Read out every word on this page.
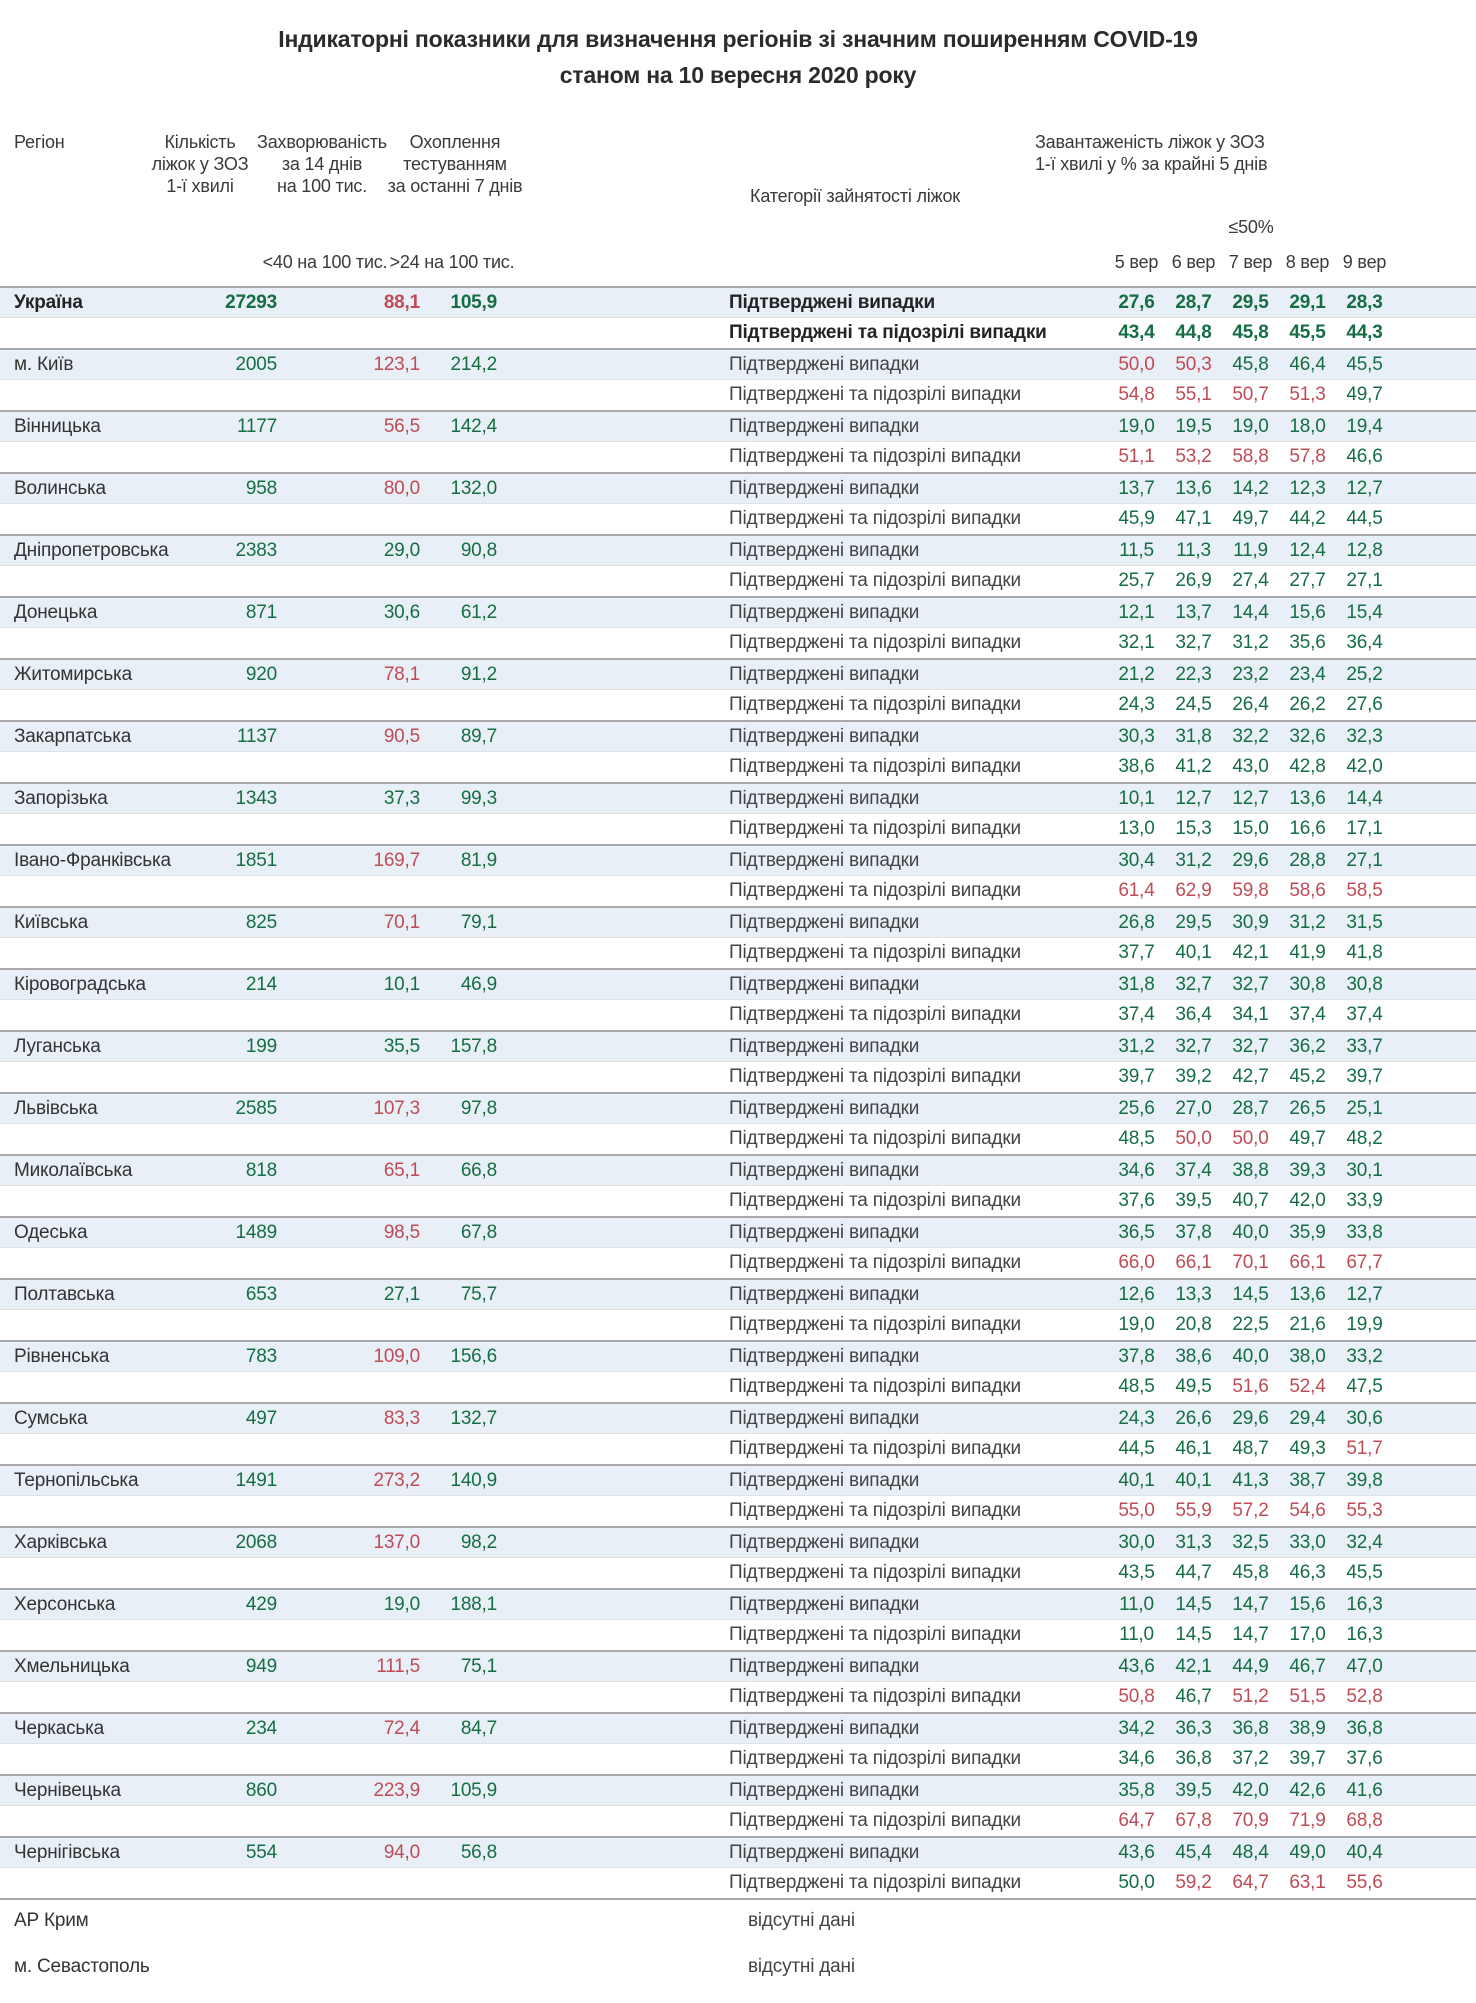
Індикаторні показники для визначення регіонів зі значним поширенням COVID-19
станом на 10 вересня 2020 року
Регіон	Кількість
ліжок у ЗОЗ
1-ї хвилі
Захворюваність
за 14 днів
на 100 тис.
Охоплення
тестуванням
за останні 7 днів	Категорії зайнятості ліжок
Завантаженість ліжок у ЗОЗ
1-ї хвилі у % за крайні 5 днів
≤50%
<40 на 100 тис. >24 на 100 тис.	5 вер 6 вер 7 вер 8 вер 9 вер
Україна	27293	88,1	105,9	Підтверджені випадки	27,6	28,7	29,5	29,1	28,3
Підтверджені та підозрілі випадки	43,4	44,8	45,8	45,5	44,3
м. Київ	2005	123,1	214,2	Підтверджені випадки	50,0	50,3	45,8	46,4	45,5
Підтверджені та підозрілі випадки	54,8	55,1	50,7	51,3	49,7
Вінницька	1177	56,5	142,4	Підтверджені випадки	19,0	19,5	19,0	18,0	19,4
Підтверджені та підозрілі випадки	51,1	53,2	58,8	57,8	46,6
Волинська	958	80,0	132,0	Підтверджені випадки	13,7	13,6	14,2	12,3	12,7
Підтверджені та підозрілі випадки	45,9	47,1	49,7	44,2	44,5
Дніпропетровська	2383	29,0	90,8	Підтверджені випадки	11,5	11,3	11,9	12,4	12,8
Підтверджені та підозрілі випадки	25,7	26,9	27,4	27,7	27,1
Донецька	871	30,6	61,2	Підтверджені випадки	12,1	13,7	14,4	15,6	15,4
Підтверджені та підозрілі випадки	32,1	32,7	31,2	35,6	36,4
Житомирська	920	78,1	91,2	Підтверджені випадки	21,2	22,3	23,2	23,4	25,2
Підтверджені та підозрілі випадки	24,3	24,5	26,4	26,2	27,6
Закарпатська	1137	90,5	89,7	Підтверджені випадки	30,3	31,8	32,2	32,6	32,3
Підтверджені та підозрілі випадки	38,6	41,2	43,0	42,8	42,0
Запорізька	1343	37,3	99,3	Підтверджені випадки	10,1	12,7	12,7	13,6	14,4
Підтверджені та підозрілі випадки	13,0	15,3	15,0	16,6	17,1
Івано-Франківська	1851	169,7	81,9	Підтверджені випадки	30,4	31,2	29,6	28,8	27,1
Підтверджені та підозрілі випадки	61,4	62,9	59,8	58,6	58,5
Київська	825	70,1	79,1	Підтверджені випадки	26,8	29,5	30,9	31,2	31,5
Підтверджені та підозрілі випадки	37,7	40,1	42,1	41,9	41,8
Кіровоградська	214	10,1	46,9	Підтверджені випадки	31,8	32,7	32,7	30,8	30,8
Підтверджені та підозрілі випадки	37,4	36,4	34,1	37,4	37,4
Луганська	199	35,5	157,8	Підтверджені випадки	31,2	32,7	32,7	36,2	33,7
Підтверджені та підозрілі випадки	39,7	39,2	42,7	45,2	39,7
Львівська	2585	107,3	97,8	Підтверджені випадки	25,6	27,0	28,7	26,5	25,1
Підтверджені та підозрілі випадки	48,5	50,0	50,0	49,7	48,2
Миколаївська	818	65,1	66,8	Підтверджені випадки	34,6	37,4	38,8	39,3	30,1
Підтверджені та підозрілі випадки	37,6	39,5	40,7	42,0	33,9
Одеська	1489	98,5	67,8	Підтверджені випадки	36,5	37,8	40,0	35,9	33,8
Підтверджені та підозрілі випадки	66,0	66,1	70,1	66,1	67,7
Полтавська	653	27,1	75,7	Підтверджені випадки	12,6	13,3	14,5	13,6	12,7
Підтверджені та підозрілі випадки	19,0	20,8	22,5	21,6	19,9
Рівненська	783	109,0	156,6	Підтверджені випадки	37,8	38,6	40,0	38,0	33,2
Підтверджені та підозрілі випадки	48,5	49,5	51,6	52,4	47,5
Сумська	497	83,3	132,7	Підтверджені випадки	24,3	26,6	29,6	29,4	30,6
Підтверджені та підозрілі випадки	44,5	46,1	48,7	49,3	51,7
Тернопільська	1491	273,2	140,9	Підтверджені випадки	40,1	40,1	41,3	38,7	39,8
Підтверджені та підозрілі випадки	55,0	55,9	57,2	54,6	55,3
Харківська	2068	137,0	98,2	Підтверджені випадки	30,0	31,3	32,5	33,0	32,4
Підтверджені та підозрілі випадки	43,5	44,7	45,8	46,3	45,5
Херсонська	429	19,0	188,1	Підтверджені випадки	11,0	14,5	14,7	15,6	16,3
Підтверджені та підозрілі випадки	11,0	14,5	14,7	17,0	16,3
Хмельницька	949	111,5	75,1	Підтверджені випадки	43,6	42,1	44,9	46,7	47,0
Підтверджені та підозрілі випадки	50,8	46,7	51,2	51,5	52,8
Черкаська	234	72,4	84,7	Підтверджені випадки	34,2	36,3	36,8	38,9	36,8
Підтверджені та підозрілі випадки	34,6	36,8	37,2	39,7	37,6
Чернівецька	860	223,9	105,9	Підтверджені випадки	35,8	39,5	42,0	42,6	41,6
Підтверджені та підозрілі випадки	64,7	67,8	70,9	71,9	68,8
Чернігівська	554	94,0	56,8	Підтверджені випадки	43,6	45,4	48,4	49,0	40,4
Підтверджені та підозрілі випадки	50,0	59,2	64,7	63,1	55,6
АР Крим	відсутні дані
м. Севастополь	відсутні дані
